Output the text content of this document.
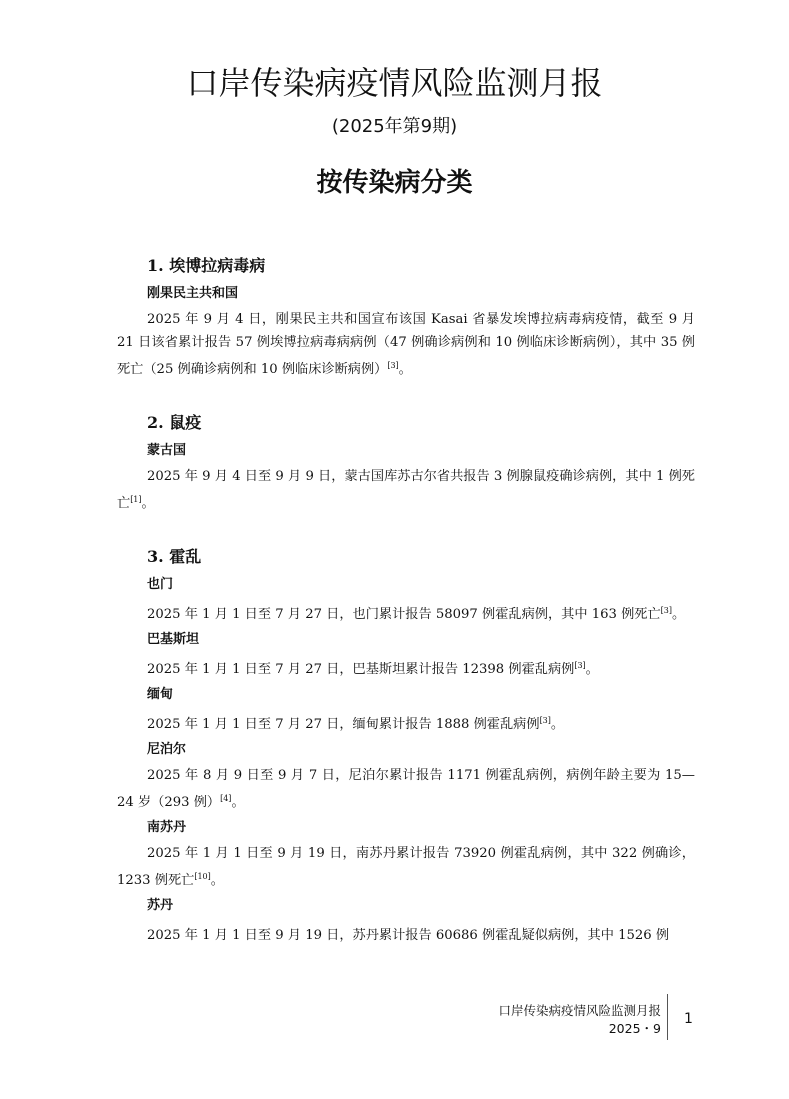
口岸传染病疫情风险监测月报
(2025年第9期)
按传染病分类

1. 埃博拉病毒病

刚果民主共和国

2025 年 9 月 4 日，刚果民主共和国宣布该国 Kasai 省暴发埃博拉病毒病疫情，截至 9 月 21 日该省累计报告 57 例埃博拉病毒病病例（47 例确诊病例和 10 例临床诊断病例），其中 35 例死亡（25 例确诊病例和 10 例临床诊断病例）[3]。

2. 鼠疫

蒙古国

2025 年 9 月 4 日至 9 月 9 日，蒙古国库苏古尔省共报告 3 例腺鼠疫确诊病例，其中 1 例死亡[1]。

3. 霍乱

也门

2025 年 1 月 1 日至 7 月 27 日，也门累计报告 58097 例霍乱病例，其中 163 例死亡[3]。

巴基斯坦

2025 年 1 月 1 日至 7 月 27 日，巴基斯坦累计报告 12398 例霍乱病例[3]。

缅甸

2025 年 1 月 1 日至 7 月 27 日，缅甸累计报告 1888 例霍乱病例[3]。

尼泊尔

2025 年 8 月 9 日至 9 月 7 日，尼泊尔累计报告 1171 例霍乱病例，病例年龄主要为 15—24 岁（293 例）[4]。

南苏丹

2025 年 1 月 1 日至 9 月 19 日，南苏丹累计报告 73920 例霍乱病例，其中 322 例确诊，1233 例死亡[10]。

苏丹

2025 年 1 月 1 日至 9 月 19 日，苏丹累计报告 60686 例霍乱疑似病例，其中 1526 例

口岸传染病疫情风险监测月报
2025・9
1
